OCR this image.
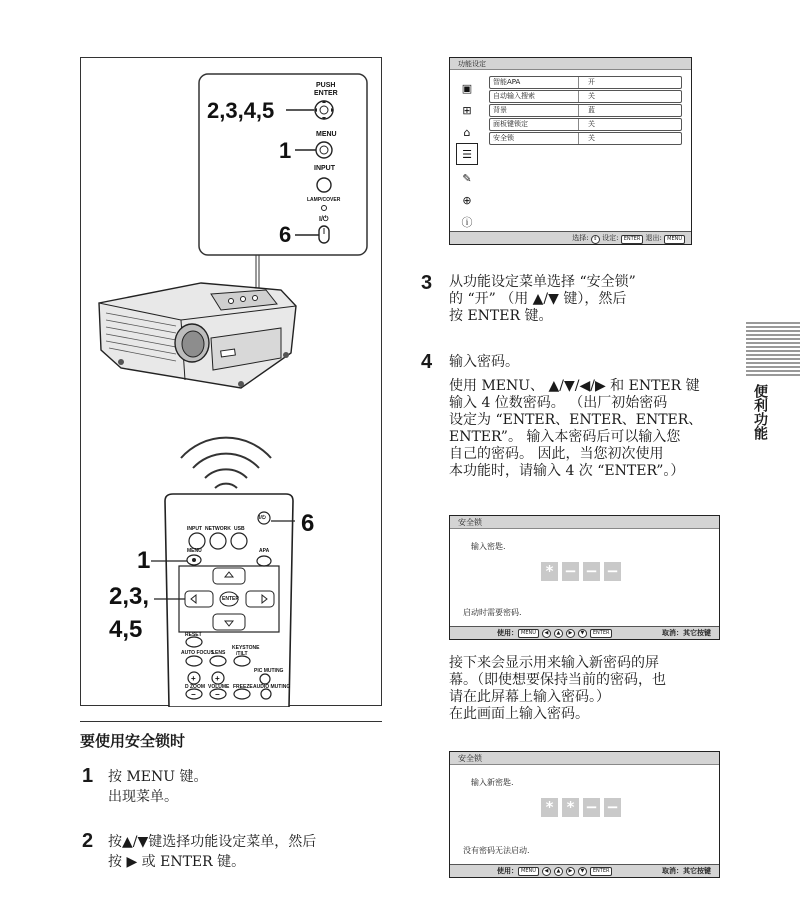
PUSH
ENTER
MENU
INPUT
LAMP/COVER
I/⏻
2,3,4,5
1
6
INPUT NETWORK USB
MENU	APA
ENTER
RESET
AUTO FOCUS
LENS
KEYSTONE
/TILT
PIC MUTING
+ +
D ZOOM VOLUME FREEZE AUDIO MUTING
− −
I/⏻ 6
1
2,3,
4,5
要使用安全锁时
1 按 MENU 键。
出现菜单。
2 按▲/▼键选择功能设定菜单，然后
按 ▶ 或 ENTER 键。
功能设定
▣
⊞
⌂
☰
✎
⊕
ⓘ
智能APA	开
自动输入搜索	关
背景	蓝
面板键锁定	关
安全锁	关
选择: ⇕ 设定: ENTER 退出: MENU
3 从功能设定菜单选择 “安全锁”
的 “开” （用 ▲/▼ 键），然后
按 ENTER 键。
4 输入密码。
使用 MENU、 ▲/▼/◀/▶ 和 ENTER 键
输入 4 位数密码。 （出厂初始密码
设定为 “ENTER、ENTER、ENTER、
ENTER”。 输入本密码后可以输入您
自己的密码。 因此，当您初次使用
本功能时，请输入 4 次 “ENTER”。）
安全锁
输入密匙.
* − − −
启动时需要密码.
使用： MENU	◀	▲	▶	▼	ENTER	取消：其它按键
接下来会显示用来输入新密码的屏
幕。（即使想要保持当前的密码，也
请在此屏幕上输入密码。）
在此画面上输入密码。
安全锁
输入新密匙.
* * − −
没有密码无法启动.
使用： MENU	◀	▲	▶	▼	ENTER	取消：其它按键
便利功能
